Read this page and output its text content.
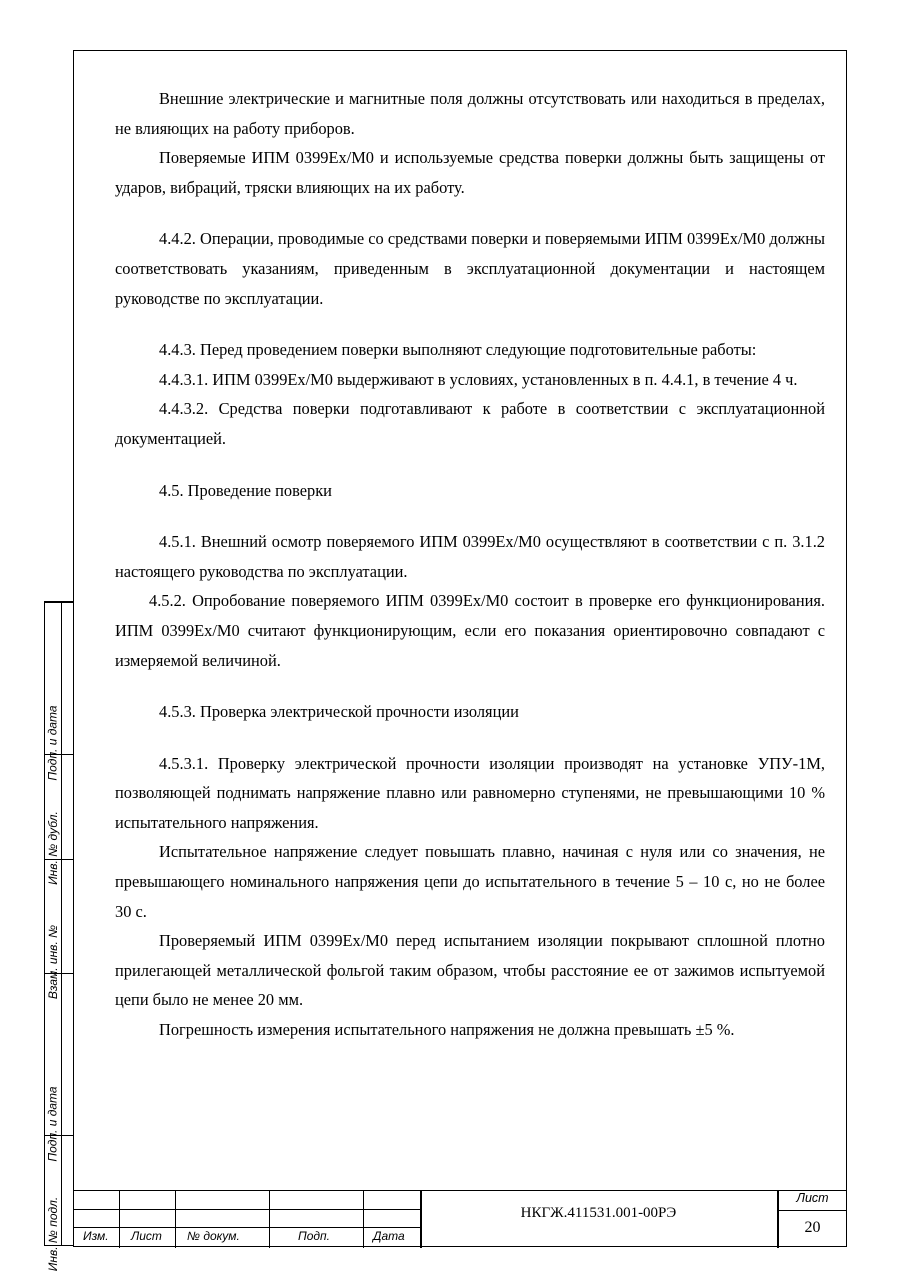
Внешние электрические и магнитные поля должны отсутствовать или находиться в пределах, не влияющих на работу приборов.

Поверяемые ИПМ 0399Ex/М0 и используемые средства поверки должны быть защищены от ударов, вибраций, тряски влияющих на их работу.

4.4.2. Операции, проводимые со средствами поверки и поверяемыми ИПМ 0399Ex/М0 должны соответствовать указаниям, приведенным в эксплуатационной документации и настоящем руководстве по эксплуатации.

4.4.3. Перед проведением поверки выполняют следующие подготовительные работы:

4.4.3.1. ИПМ 0399Ex/М0 выдерживают в условиях, установленных в п. 4.4.1, в течение 4 ч.

4.4.3.2. Средства поверки подготавливают к работе в соответствии с эксплуатационной документацией.

4.5. Проведение поверки

4.5.1. Внешний осмотр поверяемого ИПМ 0399Ex/М0 осуществляют в соответствии с п. 3.1.2 настоящего руководства по эксплуатации.

4.5.2. Опробование поверяемого ИПМ 0399Ex/М0 состоит в проверке его функционирования. ИПМ 0399Ex/М0 считают функционирующим, если его показания ориентировочно совпадают с измеряемой величиной.

4.5.3. Проверка электрической прочности изоляции

4.5.3.1. Проверку электрической прочности изоляции производят на установке УПУ-1М, позволяющей поднимать напряжение плавно или равномерно ступенями, не превышающими 10 % испытательного напряжения.

Испытательное напряжение следует повышать плавно, начиная с нуля или со значения, не превышающего номинального напряжения цепи до испытательного в течение 5 – 10 с, но не более 30 с.

Проверяемый ИПМ 0399Ex/М0 перед испытанием изоляции покрывают сплошной плотно прилегающей металлической фольгой таким образом, чтобы расстояние ее от зажимов испытуемой цепи было не менее 20 мм.

Погрешность измерения испытательного напряжения не должна превышать ±5 %.

Подп. и дата
Инв. № дубл.
Взам. инв. №
Подп. и дата
Инв. № подл. Изм. Лист № докум.	Подп.	Дата
НКГЖ.411531.001-00РЭ
Лист
20
